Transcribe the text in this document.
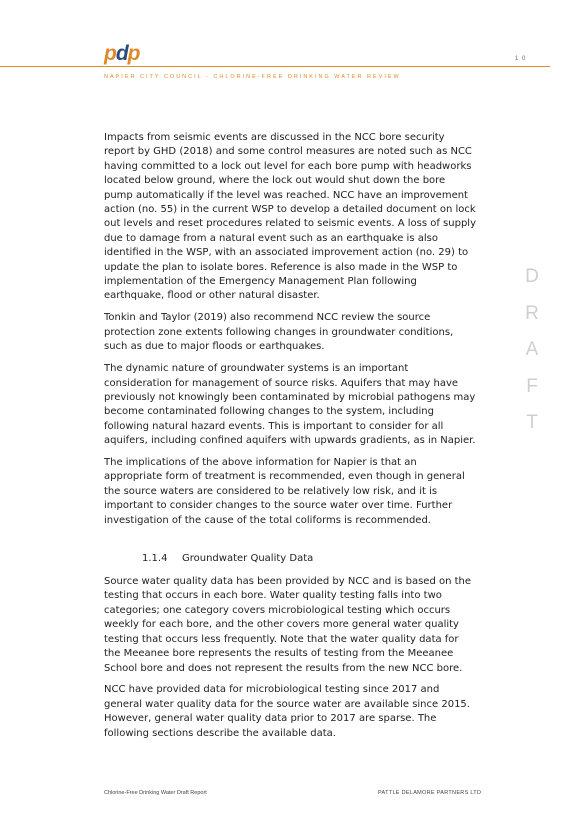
pdp	1 0
NAPIER CITY COUNCIL - CHLORINE-FREE DRINKING WATER REVIEW

Impacts from seismic events are discussed in the NCC bore security report by GHD (2018) and some control measures are noted such as NCC having committed to a lock out level for each bore pump with headworks located below ground, where the lock out would shut down the bore pump automatically if the level was reached. NCC have an improvement action (no. 55) in the current WSP to develop a detailed document on lock out levels and reset procedures related to seismic events. A loss of supply due to damage from a natural event such as an earthquake is also identified in the WSP, with an associated improvement action (no. 29) to update the plan to isolate bores. Reference is also made in the WSP to implementation of the Emergency Management Plan following earthquake, flood or other natural disaster.

Tonkin and Taylor (2019) also recommend NCC review the source protection zone extents following changes in groundwater conditions, such as due to major floods or earthquakes.

The dynamic nature of groundwater systems is an important consideration for management of source risks. Aquifers that may have previously not knowingly been contaminated by microbial pathogens may become contaminated following changes to the system, including following natural hazard events. This is important to consider for all aquifers, including confined aquifers with upwards gradients, as in Napier.

The implications of the above information for Napier is that an appropriate form of treatment is recommended, even though in general the source waters are considered to be relatively low risk, and it is important to consider changes to the source water over time. Further investigation of the cause of the total coliforms is recommended.

1.1.4 Groundwater Quality Data

Source water quality data has been provided by NCC and is based on the testing that occurs in each bore. Water quality testing falls into two categories; one category covers microbiological testing which occurs weekly for each bore, and the other covers more general water quality testing that occurs less frequently. Note that the water quality data for the Meeanee bore represents the results of testing from the Meeanee School bore and does not represent the results from the new NCC bore.

NCC have provided data for microbiological testing since 2017 and general water quality data for the source water are available since 2015. However, general water quality data prior to 2017 are sparse. The following sections describe the available data.

D
R
A
F
T
Chlorine-Free Drinking Water Draft Report	PATTLE DELAMORE PARTNERS LTD
